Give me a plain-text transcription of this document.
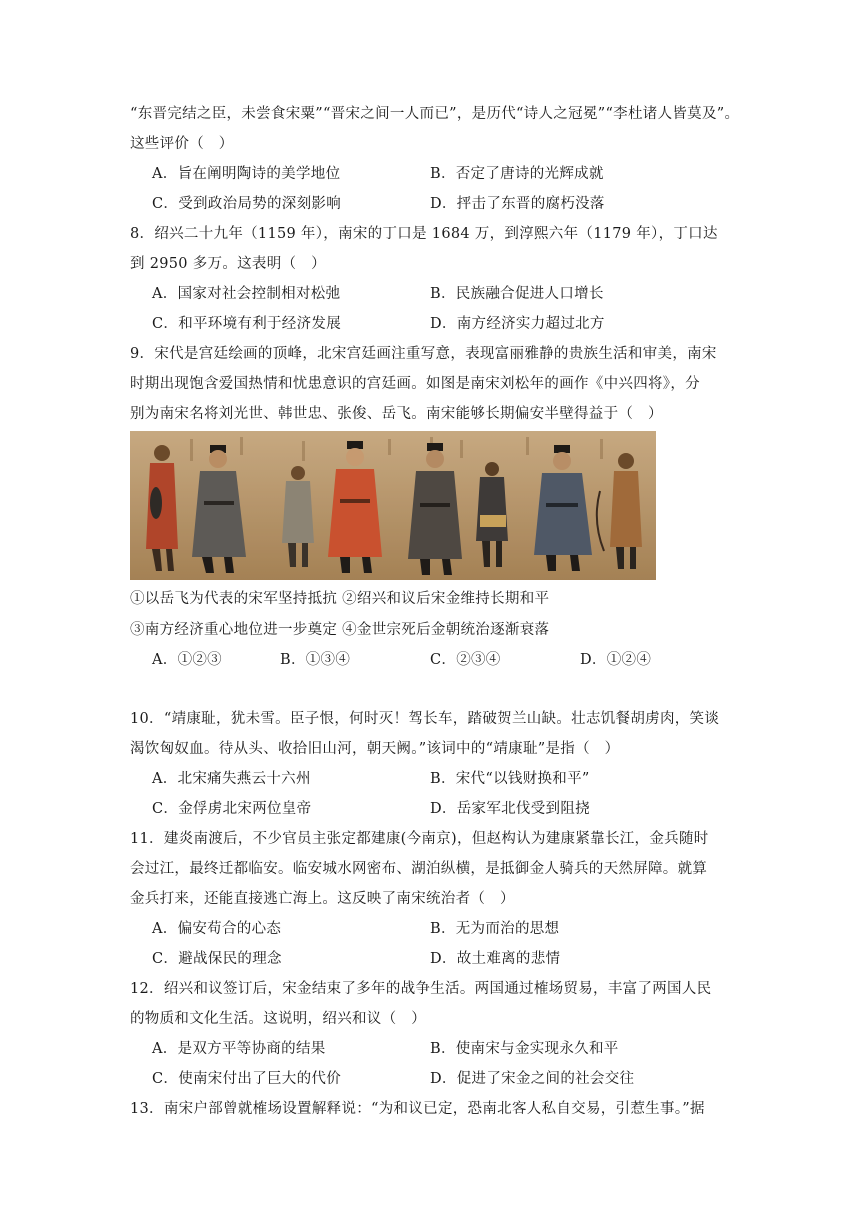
“东晋完结之臣，未尝食宋粟”“晋宋之间一人而已”，是历代“诗人之冠冕”“李杜诸人皆莫及”。
这些评价（　）
A．旨在阐明陶诗的美学地位	B．否定了唐诗的光辉成就
C．受到政治局势的深刻影响	D．抨击了东晋的腐朽没落
8．绍兴二十九年（1159 年），南宋的丁口是 1684 万，到淳熙六年（1179 年），丁口达
到 2950 多万。这表明（　）
A．国家对社会控制相对松弛	B．民族融合促进人口增长
C．和平环境有利于经济发展	D．南方经济实力超过北方
9．宋代是宫廷绘画的顶峰，北宋宫廷画注重写意，表现富丽雅静的贵族生活和审美，南宋
时期出现饱含爱国热情和忧患意识的宫廷画。如图是南宋刘松年的画作《中兴四将》，分
别为南宋名将刘光世、韩世忠、张俊、岳飞。南宋能够长期偏安半壁得益于（　）
①以岳飞为代表的宋军坚持抵抗 ②绍兴和议后宋金维持长期和平
③南方经济重心地位进一步奠定 ④金世宗死后金朝统治逐渐衰落
A．①②③	B．①③④	C．②③④	D．①②④
10．“靖康耻，犹未雪。臣子恨，何时灭！驾长车，踏破贺兰山缺。壮志饥餐胡虏肉，笑谈
渴饮匈奴血。待从头、收拾旧山河，朝天阙。”该词中的“靖康耻”是指（　）
A．北宋痛失燕云十六州	B．宋代“以钱财换和平”
C．金俘虏北宋两位皇帝	D．岳家军北伐受到阻挠
11．建炎南渡后，不少官员主张定都建康(今南京)，但赵构认为建康紧靠长江，金兵随时
会过江，最终迁都临安。临安城水网密布、湖泊纵横，是抵御金人骑兵的天然屏障。就算
金兵打来，还能直接逃亡海上。这反映了南宋统治者（　）
A．偏安苟合的心态	B．无为而治的思想
C．避战保民的理念	D．故土难离的悲情
12．绍兴和议签订后，宋金结束了多年的战争生活。两国通过榷场贸易，丰富了两国人民
的物质和文化生活。这说明，绍兴和议（　）
A．是双方平等协商的结果	B．使南宋与金实现永久和平
C．使南宋付出了巨大的代价	D．促进了宋金之间的社会交往
13．南宋户部曾就榷场设置解释说：“为和议已定，恐南北客人私自交易，引惹生事。”据
